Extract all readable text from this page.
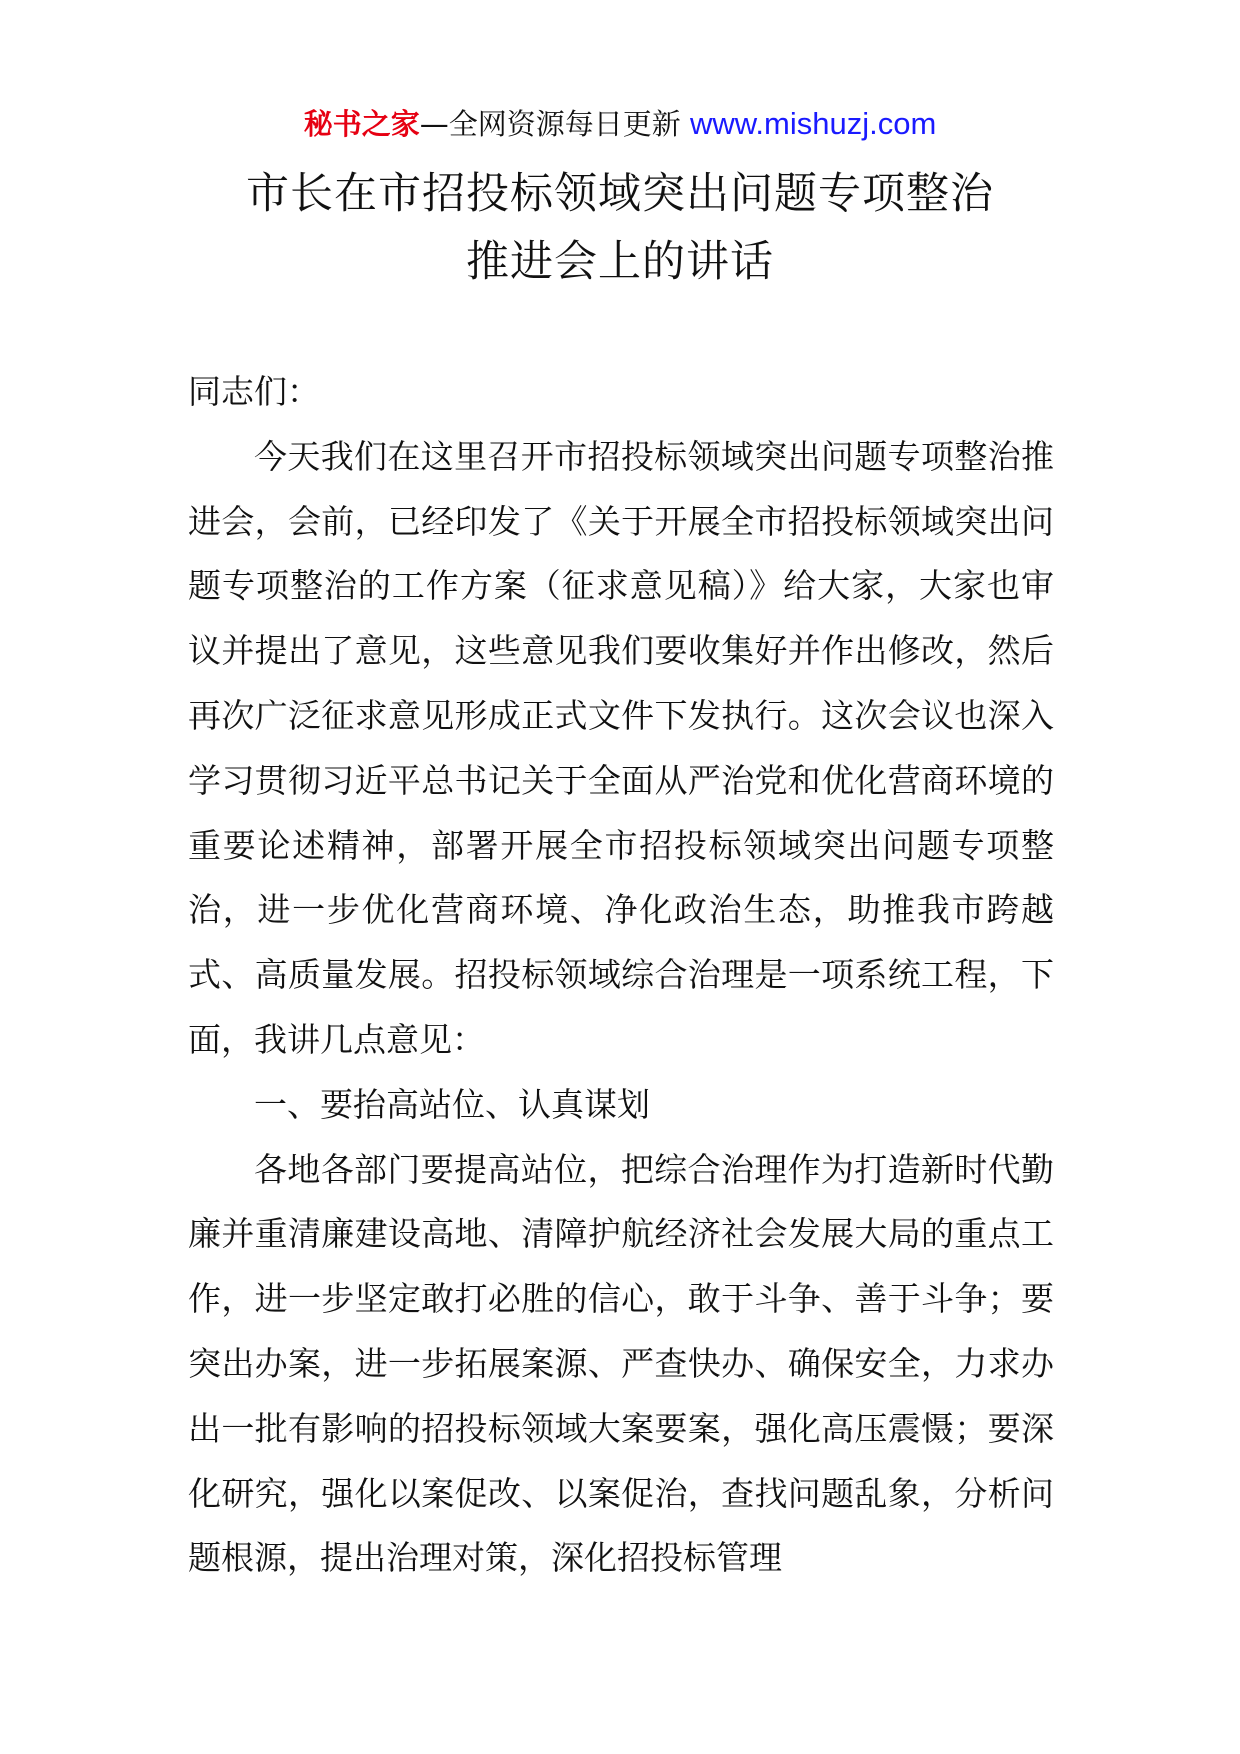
秘书之家—全网资源每日更新 www.mishuzj.com
市长在市招投标领域突出问题专项整治
推进会上的讲话

同志们：

今天我们在这里召开市招投标领域突出问题专项整治推进会，会前，已经印发了《关于开展全市招投标领域突出问题专项整治的工作方案（征求意见稿）》给大家，大家也审议并提出了意见，这些意见我们要收集好并作出修改，然后再次广泛征求意见形成正式文件下发执行。这次会议也深入学习贯彻习近平总书记关于全面从严治党和优化营商环境的重要论述精神，部署开展全市招投标领域突出问题专项整治，进一步优化营商环境、净化政治生态，助推我市跨越式、高质量发展。招投标领域综合治理是一项系统工程，下面，我讲几点意见：

一、要抬高站位、认真谋划

各地各部门要提高站位，把综合治理作为打造新时代勤廉并重清廉建设高地、清障护航经济社会发展大局的重点工作，进一步坚定敢打必胜的信心，敢于斗争、善于斗争；要突出办案，进一步拓展案源、严查快办、确保安全，力求办出一批有影响的招投标领域大案要案，强化高压震慑；要深化研究，强化以案促改、以案促治，查找问题乱象，分析问题根源，提出治理对策，深化招投标管理
